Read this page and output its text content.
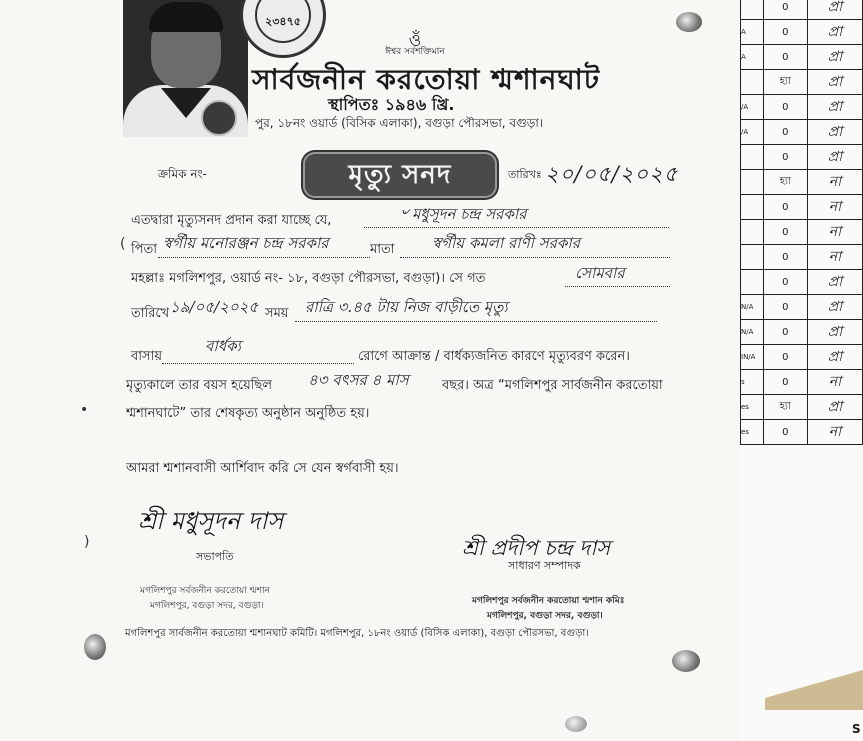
২৩৪৭৫
ওঁ
ঈশ্বর সর্বশক্তিমান
সার্বজনীন করতোয়া শ্মশানঘাট
স্থাপিতঃ ১৯৪৬ খ্রি.
পুর, ১৮নং ওয়ার্ড (বিসিক এলাকা), বগুড়া পৌরসভা, বগুড়া।
ক্রমিক নং-	মৃত্যু সনদ	তারিখঃ ২০/০৫/২০২৫
এতদ্বারা মৃত্যুসনদ প্রদান করা যাচ্ছে যে,	৺ মধুসূদন চন্দ্র সরকার
পিতা স্বর্গীয় মনোরঞ্জন চন্দ্র সরকার	মাতা স্বর্গীয় কমলা রাণী সরকার
মহল্লাঃ মগলিশপুর, ওয়ার্ড নং- ১৮, বগুড়া পৌরসভা, বগুড়া)। সে গত	সোমবার
তারিখে ১৯/০৫/২০২৫ সময় রাত্রি ৩.৪৫ টায় নিজ বাড়ীতে মৃত্যু
বাসায়
বার্ধক্য
রোগে আক্রান্ত / বার্ধক্যজনিত কারণে মৃত্যুবরণ করেন।
মৃত্যুকালে তার বয়স হয়েছিল ৪৩ বৎসর ৪ মাস	বছর। অত্র “মগলিশপুর সার্বজনীন করতোয়া
শ্মশানঘাটে” তার শেষকৃত্য অনুষ্ঠান অনুষ্ঠিত হয়।
আমরা শ্মশানবাসী আর্শিবাদ করি সে যেন স্বর্গবাসী হয়।
শ্রী মধুসূদন দাস
সভাপতি
মগলিশপুর সর্বজনীন করতোয়া শ্মশান
মগলিশপুর, বগুড়া সদর, বগুড়া।
শ্রী প্রদীপ চন্দ্র দাস
সাধারণ সম্পাদক
মগলিশপুর সর্বজনীন করতোয়া শ্মশান কমিঃ
মগলিশপুর, বগুড়া সদর, বগুড়া।
মগলিশপুর সার্বজনীন করতোয়া শ্মশানঘাট কমিটি। মগলিশপুর, ১৮নং ওয়ার্ড (বিসিক এলাকা), বগুড়া পৌরসভা, বগুড়া।
(
)
•
	0	প্রা
A	0	প্রা
A	0	প্রা
	হ্যা	প্রা
/A	0	প্রা
/A	0	প্রা
	0	প্রা
	হ্যা	না
	0	না
	0	না
	0	না
	0	প্রা
N/A	0	প্রা
N/A	0	প্রা
IN/A	0	প্রা
s	0	না
es	হ্যা	প্রা
es	0	না
S
